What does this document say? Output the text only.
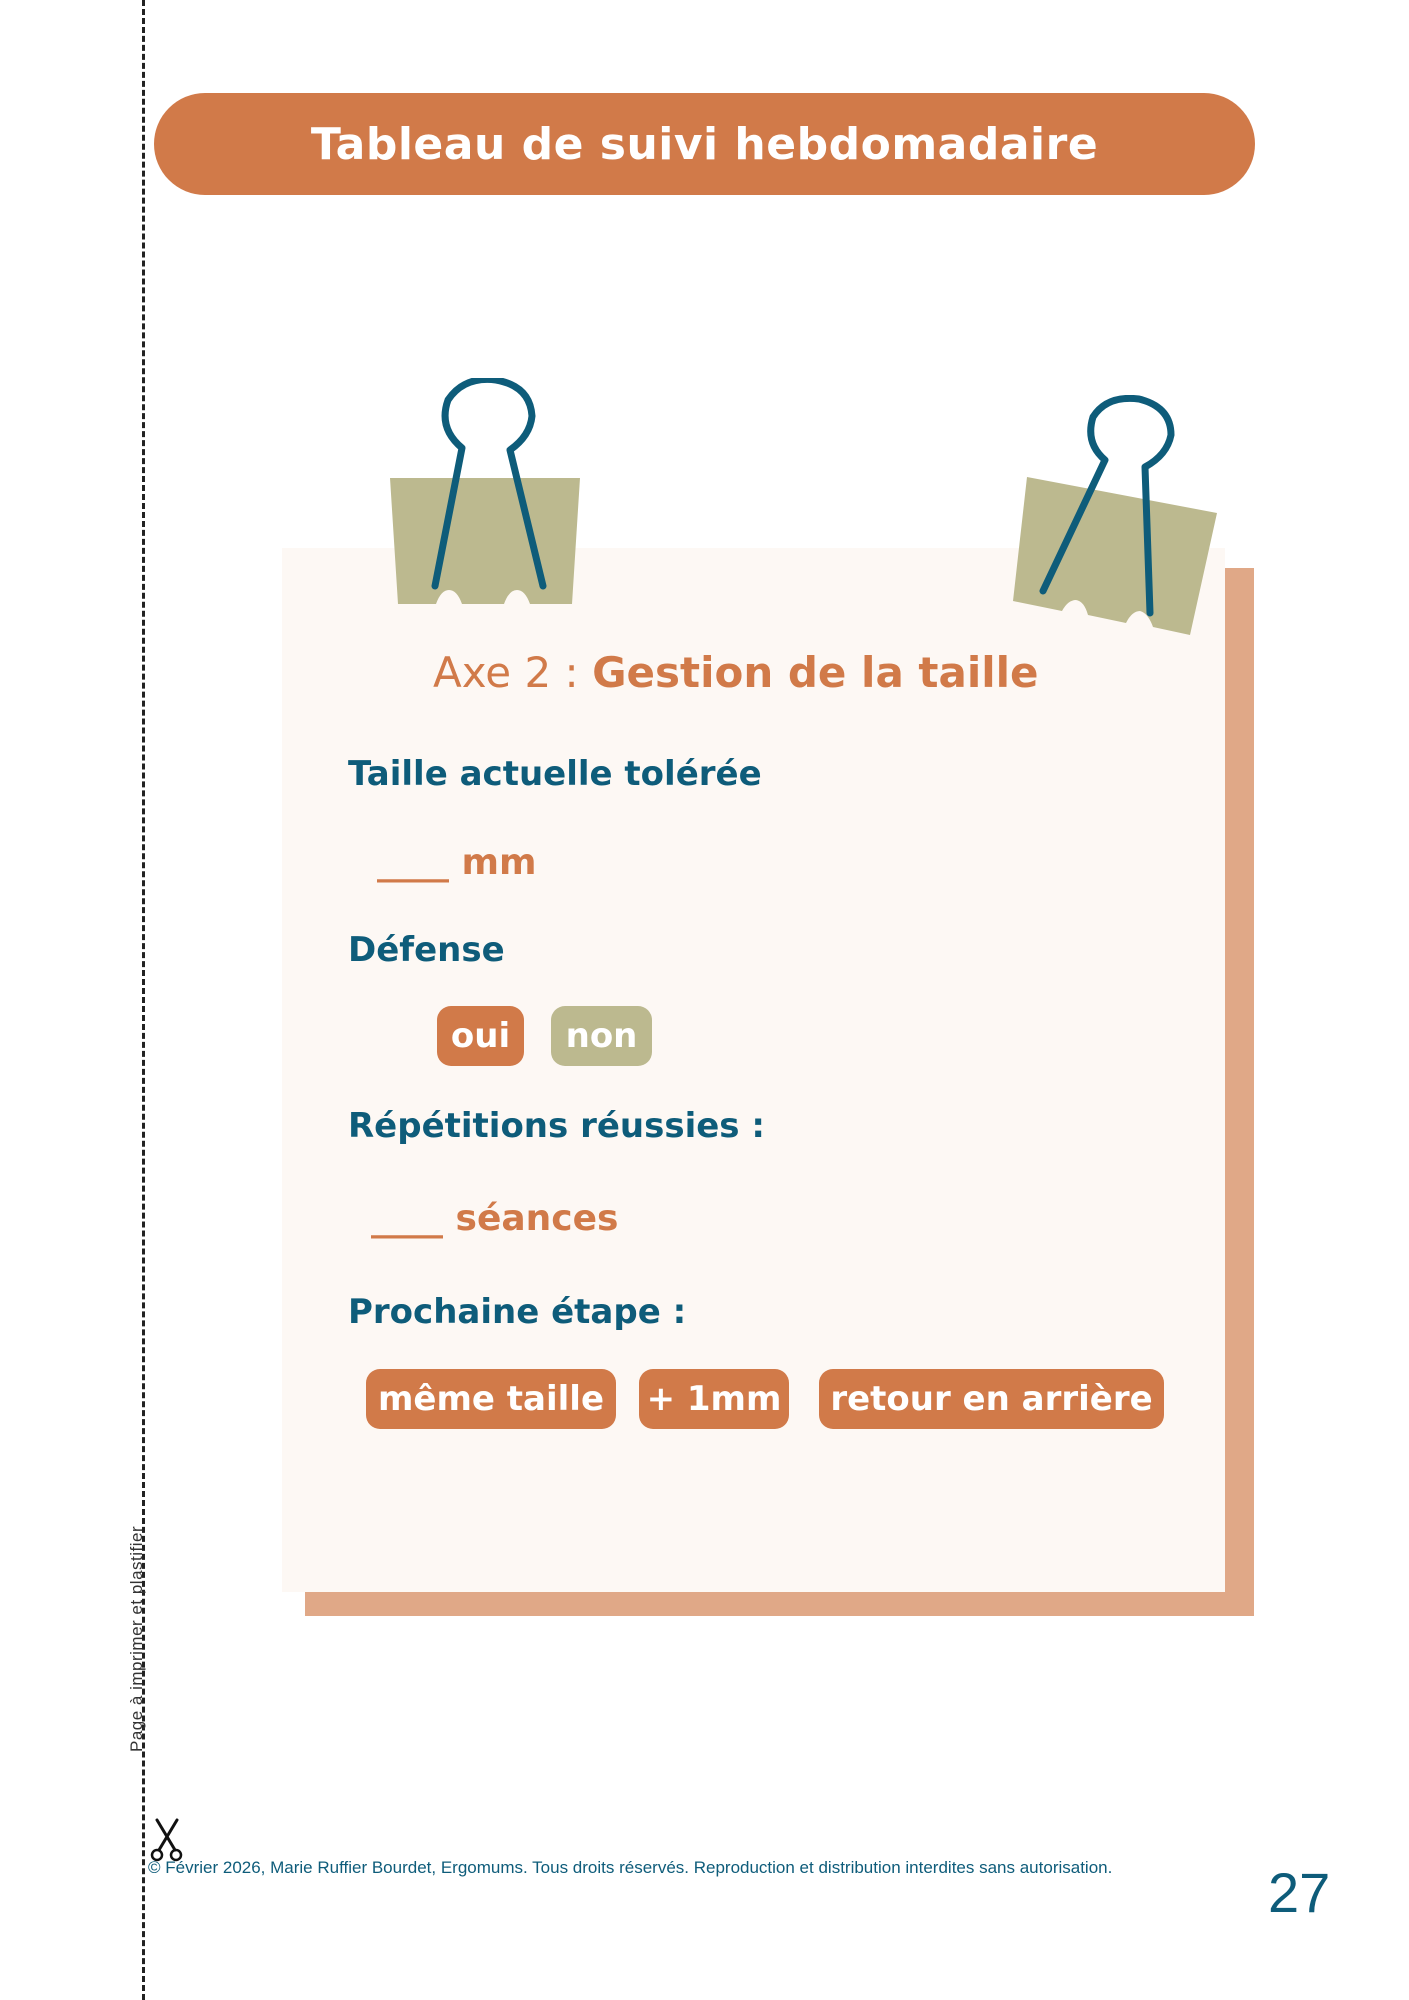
Page à imprimer et plastifier
Tableau de suivi hebdomadaire
Axe 2 : Gestion de la taille
Taille actuelle tolérée
____ mm
Défense
oui	non
Répétitions réussies :
____ séances
Prochaine étape :
même taille	+ 1mm	retour en arrière
© Février 2026, Marie Ruffier Bourdet, Ergomums. Tous droits réservés. Reproduction et distribution interdites sans autorisation.	27
